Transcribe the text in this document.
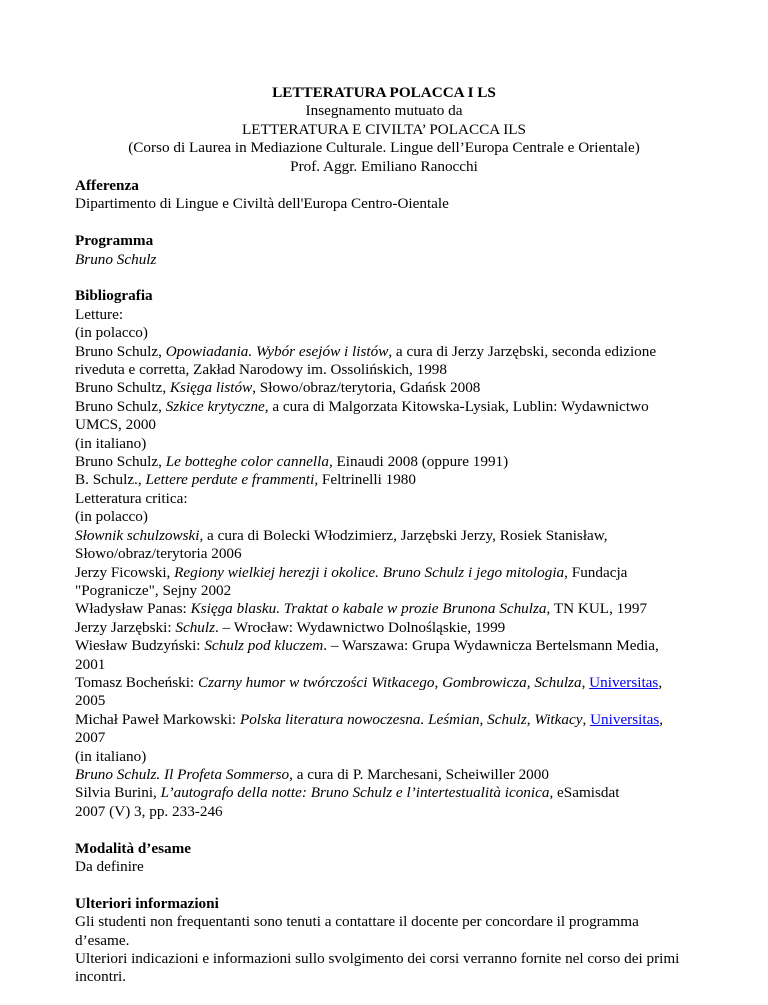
LETTERATURA POLACCA I LS
Insegnamento mutuato da
LETTERATURA E CIVILTA’ POLACCA ILS
(Corso di Laurea in Mediazione Culturale. Lingue dell’Europa Centrale e Orientale)
Prof. Aggr. Emiliano Ranocchi
Afferenza
Dipartimento di Lingue e Civiltà dell'Europa Centro-Oientale
Programma
Bruno Schulz
Bibliografia
Letture:
(in polacco)
Bruno Schulz, Opowiadania. Wybór esejów i listów, a cura di Jerzy Jarzębski, seconda edizione
riveduta e corretta, Zakład Narodowy im. Ossolińskich, 1998
Bruno Schultz, Księga listów, Słowo/obraz/terytoria, Gdańsk 2008
Bruno Schulz, Szkice krytyczne, a cura di Malgorzata Kitowska-Lysiak, Lublin: Wydawnictwo
UMCS, 2000
(in italiano)
Bruno Schulz, Le botteghe color cannella, Einaudi 2008 (oppure 1991)
B. Schulz., Lettere perdute e frammenti, Feltrinelli 1980
Letteratura critica:
(in polacco)
Słownik schulzowski, a cura di Bolecki Włodzimierz, Jarzębski Jerzy, Rosiek Stanisław,
Słowo/obraz/terytoria 2006
Jerzy Ficowski, Regiony wielkiej herezji i okolice. Bruno Schulz i jego mitologia, Fundacja
"Pogranicze", Sejny 2002
Władysław Panas: Księga blasku. Traktat o kabale w prozie Brunona Schulza, TN KUL, 1997
Jerzy Jarzębski: Schulz. – Wrocław: Wydawnictwo Dolnośląskie, 1999
Wiesław Budzyński: Schulz pod kluczem. – Warszawa: Grupa Wydawnicza Bertelsmann Media,
2001
Tomasz Bocheński: Czarny humor w twórczości Witkacego, Gombrowicza, Schulza, Universitas,
2005
Michał Paweł Markowski: Polska literatura nowoczesna. Leśmian, Schulz, Witkacy, Universitas,
2007
(in italiano)
Bruno Schulz. Il Profeta Sommerso, a cura di P. Marchesani, Scheiwiller 2000
Silvia Burini, L’autografo della notte: Bruno Schulz e l’intertestualità iconica, eSamisdat
2007 (V) 3, pp. 233-246
Modalità d’esame
Da definire
Ulteriori informazioni
Gli studenti non frequentanti sono tenuti a contattare il docente per concordare il programma
d’esame.
Ulteriori indicazioni e informazioni sullo svolgimento dei corsi verranno fornite nel corso dei primi
incontri.
